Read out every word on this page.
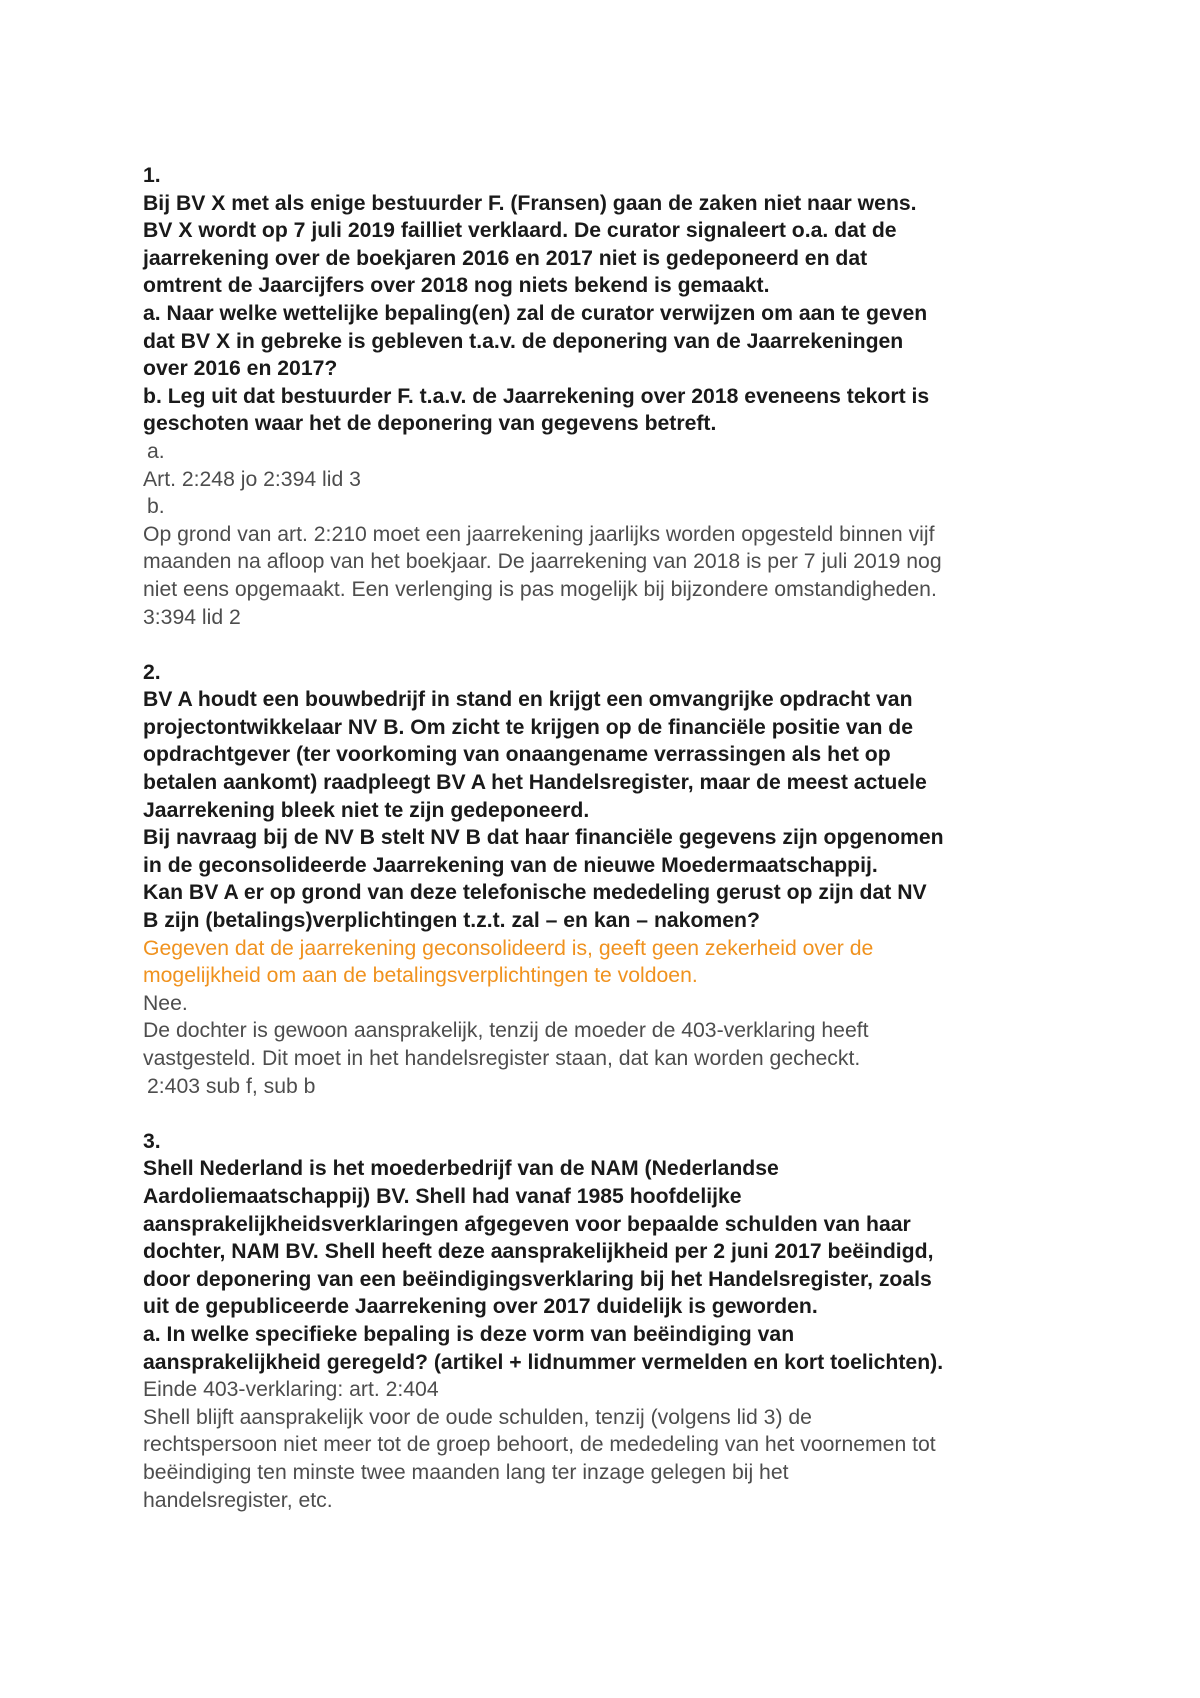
1.

Bij BV X met als enige bestuurder F. (Fransen) gaan de zaken niet naar wens.

BV X wordt op 7 juli 2019 failliet verklaard. De curator signaleert o.a. dat de

jaarrekening over de boekjaren 2016 en 2017 niet is gedeponeerd en dat

omtrent de Jaarcijfers over 2018 nog niets bekend is gemaakt.

a. Naar welke wettelijke bepaling(en) zal de curator verwijzen om aan te geven

dat BV X in gebreke is gebleven t.a.v. de deponering van de Jaarrekeningen

over 2016 en 2017?

b. Leg uit dat bestuurder F. t.a.v. de Jaarrekening over 2018 eveneens tekort is

geschoten waar het de deponering van gegevens betreft.

a.

Art. 2:248 jo 2:394 lid 3

b.

Op grond van art. 2:210 moet een jaarrekening jaarlijks worden opgesteld binnen vijf

maanden na afloop van het boekjaar. De jaarrekening van 2018 is per 7 juli 2019 nog

niet eens opgemaakt. Een verlenging is pas mogelijk bij bijzondere omstandigheden.

3:394 lid 2

2.

BV A houdt een bouwbedrijf in stand en krijgt een omvangrijke opdracht van

projectontwikkelaar NV B. Om zicht te krijgen op de financiële positie van de

opdrachtgever (ter voorkoming van onaangename verrassingen als het op

betalen aankomt) raadpleegt BV A het Handelsregister, maar de meest actuele

Jaarrekening bleek niet te zijn gedeponeerd.

Bij navraag bij de NV B stelt NV B dat haar financiële gegevens zijn opgenomen

in de geconsolideerde Jaarrekening van de nieuwe Moedermaatschappij.

Kan BV A er op grond van deze telefonische mededeling gerust op zijn dat NV

B zijn (betalings)verplichtingen t.z.t. zal – en kan – nakomen?

Gegeven dat de jaarrekening geconsolideerd is, geeft geen zekerheid over de

mogelijkheid om aan de betalingsverplichtingen te voldoen.

Nee.

De dochter is gewoon aansprakelijk, tenzij de moeder de 403-verklaring heeft

vastgesteld. Dit moet in het handelsregister staan, dat kan worden gecheckt.

2:403 sub f, sub b

3.

Shell Nederland is het moederbedrijf van de NAM (Nederlandse

Aardoliemaatschappij) BV. Shell had vanaf 1985 hoofdelijke

aansprakelijkheidsverklaringen afgegeven voor bepaalde schulden van haar

dochter, NAM BV. Shell heeft deze aansprakelijkheid per 2 juni 2017 beëindigd,

door deponering van een beëindigingsverklaring bij het Handelsregister, zoals

uit de gepubliceerde Jaarrekening over 2017 duidelijk is geworden.

a. In welke specifieke bepaling is deze vorm van beëindiging van

aansprakelijkheid geregeld? (artikel + lidnummer vermelden en kort toelichten).

Einde 403-verklaring: art. 2:404

Shell blijft aansprakelijk voor de oude schulden, tenzij (volgens lid 3) de

rechtspersoon niet meer tot de groep behoort, de mededeling van het voornemen tot

beëindiging ten minste twee maanden lang ter inzage gelegen bij het

handelsregister, etc.
